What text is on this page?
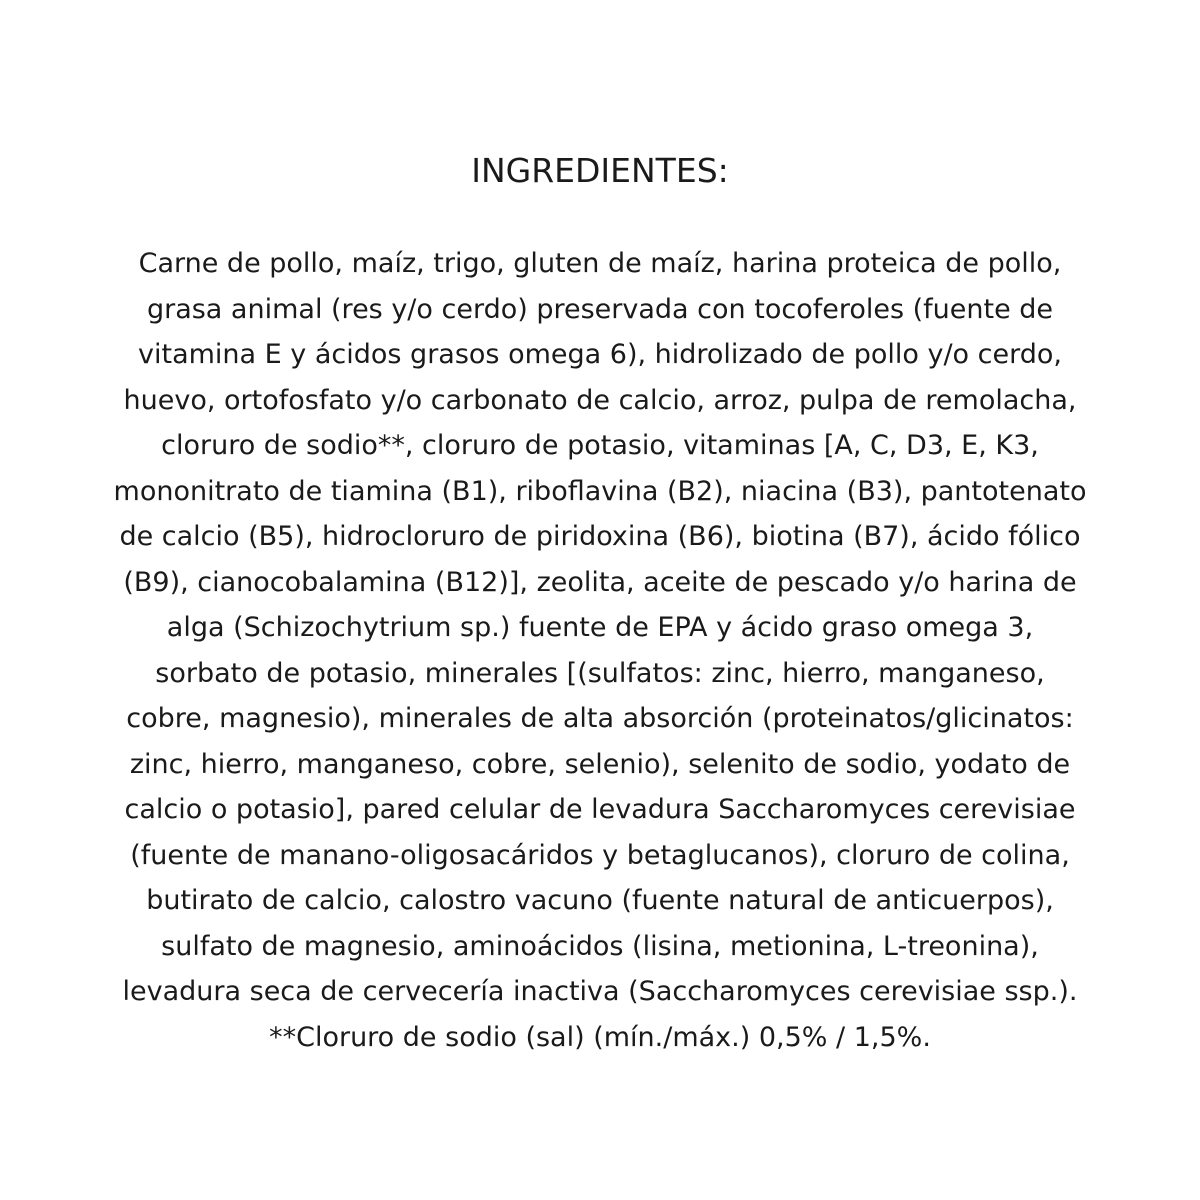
INGREDIENTES:
Carne de pollo, maíz, trigo, gluten de maíz, harina proteica de pollo,
grasa animal (res y/o cerdo) preservada con tocoferoles (fuente de
vitamina E y ácidos grasos omega 6), hidrolizado de pollo y/o cerdo,
huevo, ortofosfato y/o carbonato de calcio, arroz, pulpa de remolacha,
cloruro de sodio**, cloruro de potasio, vitaminas [A, C, D3, E, K3,
mononitrato de tiamina (B1), riboflavina (B2), niacina (B3), pantotenato
de calcio (B5), hidrocloruro de piridoxina (B6), biotina (B7), ácido fólico
(B9), cianocobalamina (B12)], zeolita, aceite de pescado y/o harina de
alga (Schizochytrium sp.) fuente de EPA y ácido graso omega 3,
sorbato de potasio, minerales [(sulfatos: zinc, hierro, manganeso,
cobre, magnesio), minerales de alta absorción (proteinatos/glicinatos:
zinc, hierro, manganeso, cobre, selenio), selenito de sodio, yodato de
calcio o potasio], pared celular de levadura Saccharomyces cerevisiae
(fuente de manano-oligosacáridos y betaglucanos), cloruro de colina,
butirato de calcio, calostro vacuno (fuente natural de anticuerpos),
sulfato de magnesio, aminoácidos (lisina, metionina, L-treonina),
levadura seca de cervecería inactiva (Saccharomyces cerevisiae ssp.).
**Cloruro de sodio (sal) (mín./máx.) 0,5% / 1,5%.
